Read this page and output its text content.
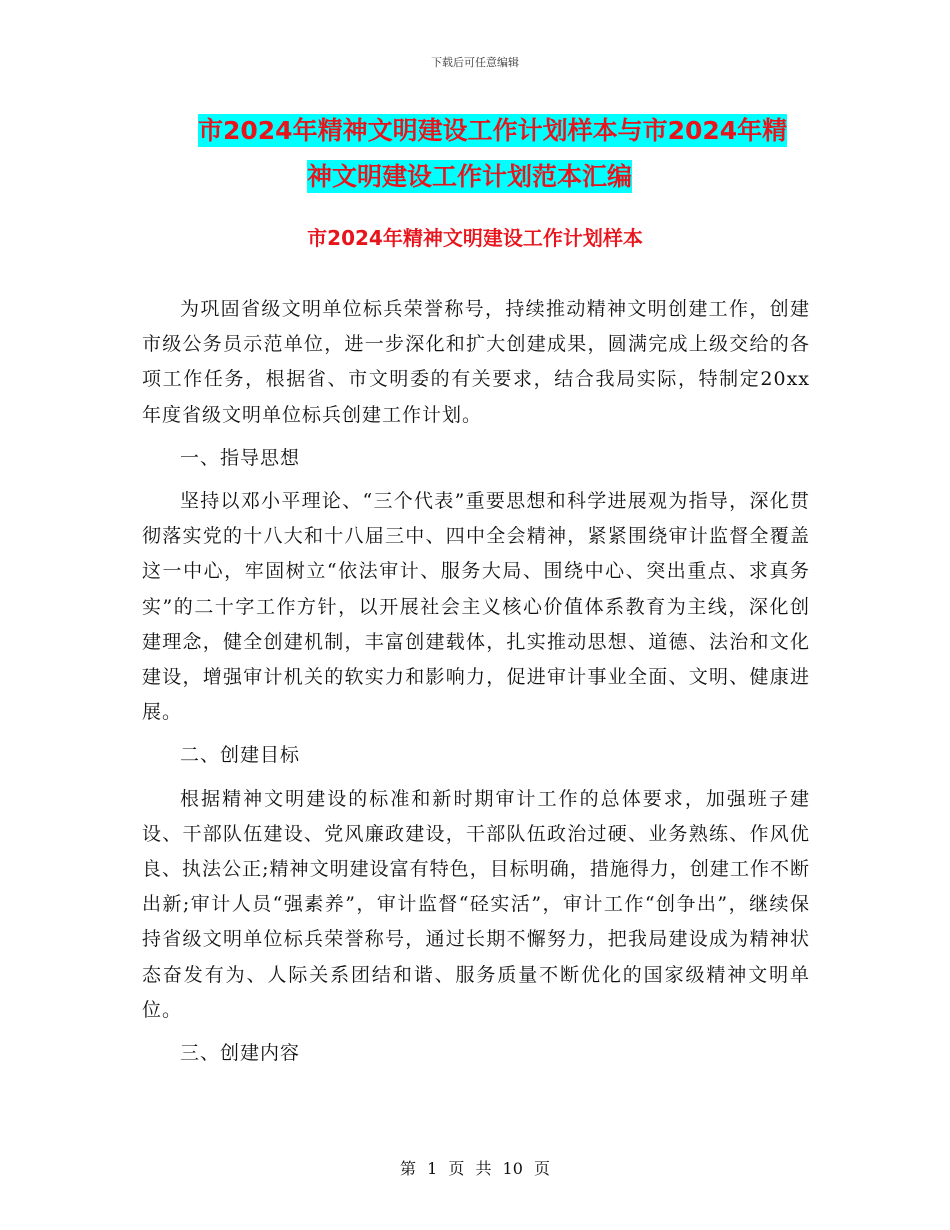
下载后可任意编辑
市2024年精神文明建设工作计划样本与市2024年精
神文明建设工作计划范本汇编
市2024年精神文明建设工作计划样本

为巩固省级文明单位标兵荣誉称号，持续推动精神文明创建工作，创建市级公务员示范单位，进一步深化和扩大创建成果，圆满完成上级交给的各项工作任务，根据省、市文明委的有关要求，结合我局实际，特制定20xx年度省级文明单位标兵创建工作计划。

一、指导思想

坚持以邓小平理论、“三个代表”重要思想和科学进展观为指导，深化贯彻落实党的十八大和十八届三中、四中全会精神，紧紧围绕审计监督全覆盖这一中心，牢固树立“依法审计、服务大局、围绕中心、突出重点、求真务实”的二十字工作方针，以开展社会主义核心价值体系教育为主线，深化创建理念，健全创建机制，丰富创建载体，扎实推动思想、道德、法治和文化建设，增强审计机关的软实力和影响力，促进审计事业全面、文明、健康进展。

二、创建目标

根据精神文明建设的标准和新时期审计工作的总体要求，加强班子建设、干部队伍建设、党风廉政建设，干部队伍政治过硬、业务熟练、作风优良、执法公正;精神文明建设富有特色，目标明确，措施得力，创建工作不断出新;审计人员“强素养”，审计监督“硁实活”，审计工作“创争出”，继续保持省级文明单位标兵荣誉称号，通过长期不懈努力，把我局建设成为精神状态奋发有为、人际关系团结和谐、服务质量不断优化的国家级精神文明单位。

三、创建内容

第 1 页 共 10 页
